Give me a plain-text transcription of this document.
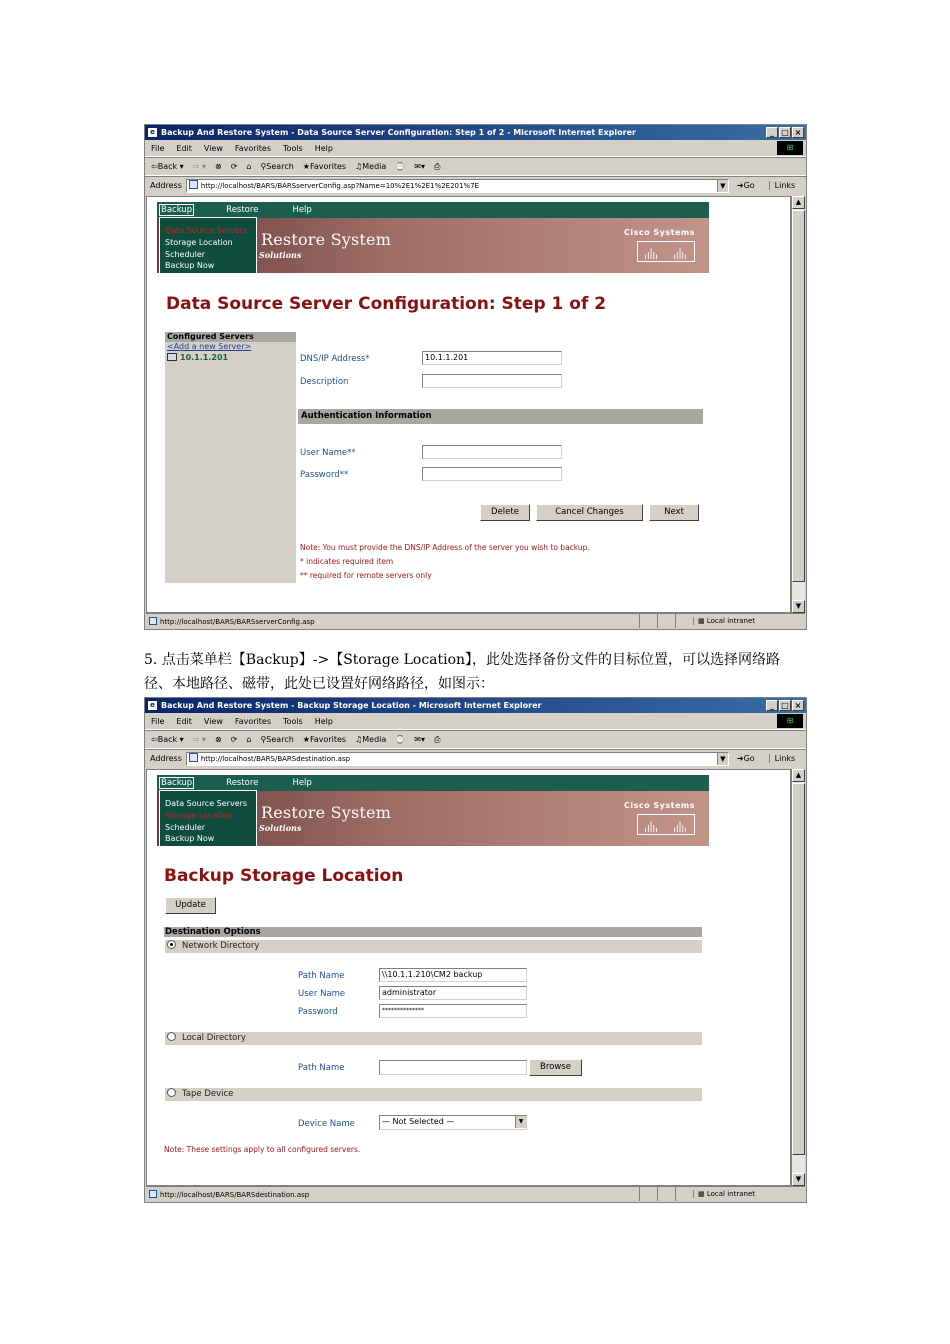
e Backup And Restore System - Data Source Server Configuration: Step 1 of 2 - Microsoft Internet Explorer	_ □ ×
File Edit View Favorites Tools Help	⊞
⇦Back ▾ ⇨ ▾ ⊗ ⟳ ⌂ ⚲Search ★Favorites ♫Media ⌚ ✉▾ ⎙
Address	http://localhost/BARS/BARSserverConfig.asp?Name=10%2E1%2E1%2E201%7E	▼ ➜Go	Links
Backup	Restore	Help
Restore System
Solutions
Cisco Systems
Data Source Servers
Storage Location
Scheduler
Backup Now
Data Source Server Configuration: Step 1 of 2
Configured Servers
<Add a new Server>
10.1.1.201	DNS/IP Address*	10.1.1.201
Description
Authentication Information
User Name**
Password**
Delete	Cancel Changes	Next
Note: You must provide the DNS/IP Address of the server you wish to backup.
* indicates required item
** required for remote servers only
▲
▼
http://localhost/BARS/BARSserverConfig.asp	▦ Local intranet
5. 点击菜单栏【Backup】->【Storage Location】，此处选择备份文件的目标位置，可以选择网络路径、本地路径、磁带，此处已设置好网络路径，如图示：
e Backup And Restore System - Backup Storage Location - Microsoft Internet Explorer	_ □ ×
File Edit View Favorites Tools Help	⊞
⇦Back ▾ ⇨ ▾ ⊗ ⟳ ⌂ ⚲Search ★Favorites ♫Media ⌚ ✉▾ ⎙
Address	http://localhost/BARS/BARSdestination.asp	▼ ➜Go	Links
Backup	Restore	Help
Restore System
Solutions
Cisco Systems
Data Source Servers
Storage Location
Scheduler
Backup Now
Backup Storage Location
Update
Destination Options
Network Directory
Path Name	\\10.1.1.210\CM2 backup
User Name	administrator
Password	**************
Local Directory
Path Name	Browse
Tape Device
Device Name	— Not Selected —	▼
Note: These settings apply to all configured servers.
▲
▼
http://localhost/BARS/BARSdestination.asp	▦ Local intranet
